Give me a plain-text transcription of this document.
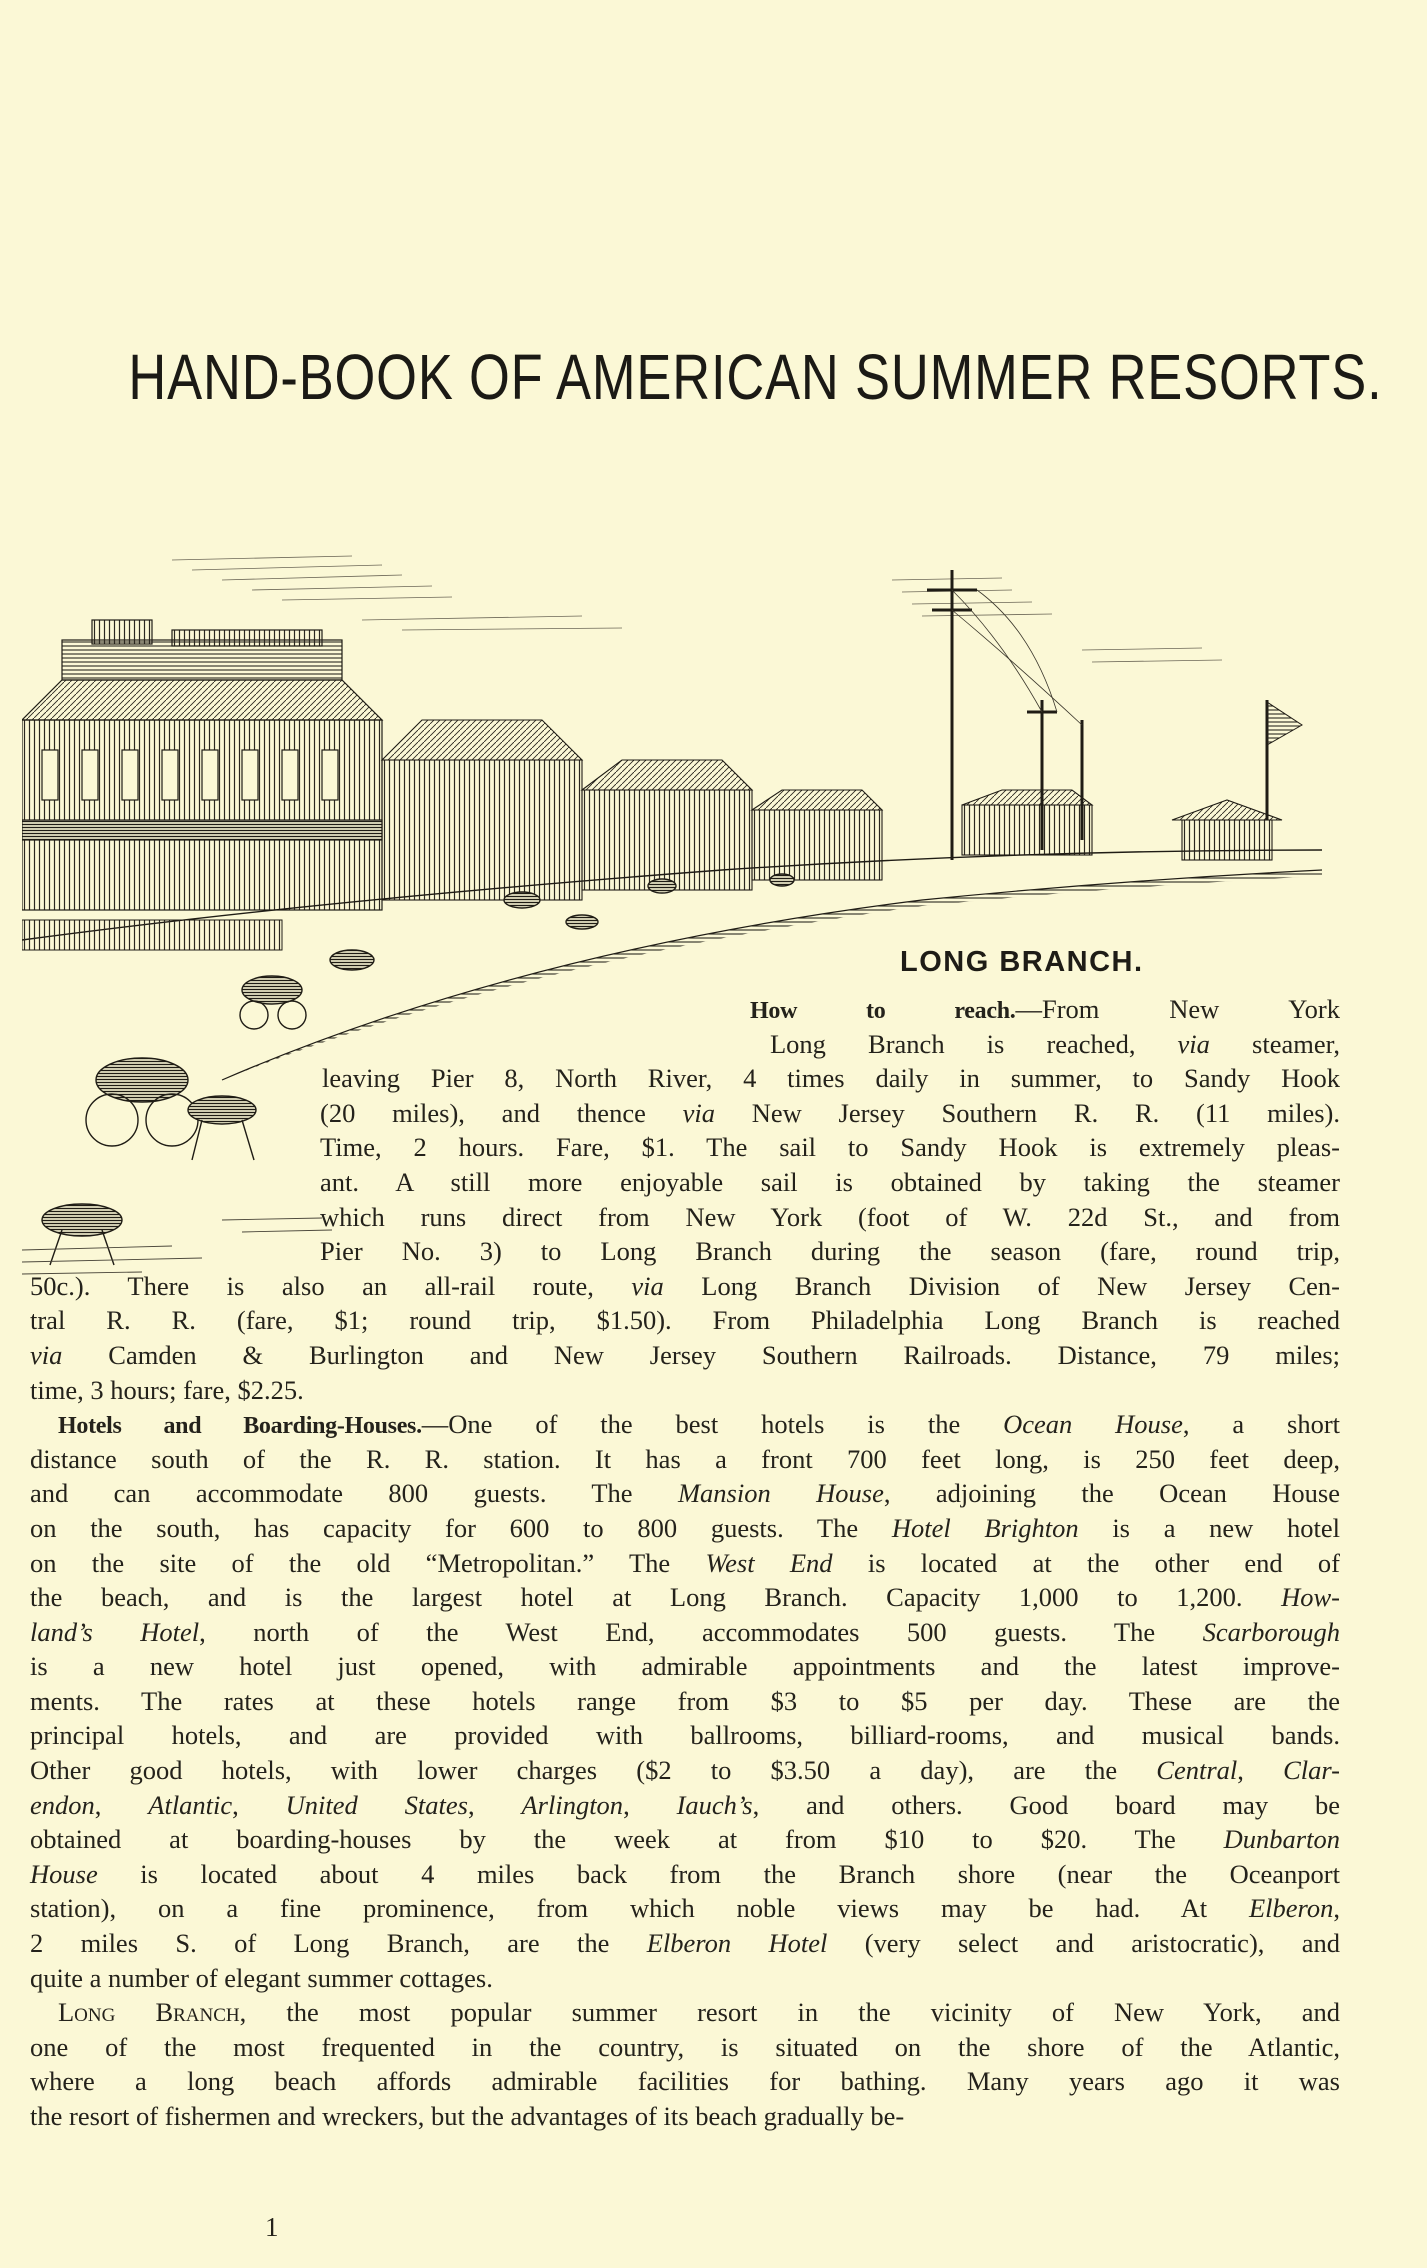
HAND-BOOK OF AMERICAN SUMMER RESORTS.
LONG BRANCH.
How to reach.—From New York
Long Branch is reached, via steamer,
leaving Pier 8, North River, 4 times daily in summer, to Sandy Hook
(20 miles), and thence via New Jersey Southern R. R. (11 miles).
Time, 2 hours. Fare, $1. The sail to Sandy Hook is extremely pleas-
ant. A still more enjoyable sail is obtained by taking the steamer
which runs direct from New York (foot of W. 22d St., and from
Pier No. 3) to Long Branch during the season (fare, round trip,
50c.). There is also an all-rail route, via Long Branch Division of New Jersey Cen-
tral R. R. (fare, $1; round trip, $1.50). From Philadelphia Long Branch is reached
via Camden & Burlington and New Jersey Southern Railroads. Distance, 79 miles;
time, 3 hours; fare, $2.25.
Hotels and Boarding-Houses.—One of the best hotels is the Ocean House, a short
distance south of the R. R. station. It has a front 700 feet long, is 250 feet deep,
and can accommodate 800 guests. The Mansion House, adjoining the Ocean House
on the south, has capacity for 600 to 800 guests. The Hotel Brighton is a new hotel
on the site of the old “Metropolitan.” The West End is located at the other end of
the beach, and is the largest hotel at Long Branch. Capacity 1,000 to 1,200. How-
land’s Hotel, north of the West End, accommodates 500 guests. The Scarborough
is a new hotel just opened, with admirable appointments and the latest improve-
ments. The rates at these hotels range from $3 to $5 per day. These are the
principal hotels, and are provided with ballrooms, billiard-rooms, and musical bands.
Other good hotels, with lower charges ($2 to $3.50 a day), are the Central, Clar-
endon, Atlantic, United States, Arlington, Iauch’s, and others. Good board may be
obtained at boarding-houses by the week at from $10 to $20. The Dunbarton
House is located about 4 miles back from the Branch shore (near the Oceanport
station), on a fine prominence, from which noble views may be had. At Elberon,
2 miles S. of Long Branch, are the Elberon Hotel (very select and aristocratic), and
quite a number of elegant summer cottages.
Long Branch, the most popular summer resort in the vicinity of New York, and
one of the most frequented in the country, is situated on the shore of the Atlantic,
where a long beach affords admirable facilities for bathing. Many years ago it was
the resort of fishermen and wreckers, but the advantages of its beach gradually be-
1
